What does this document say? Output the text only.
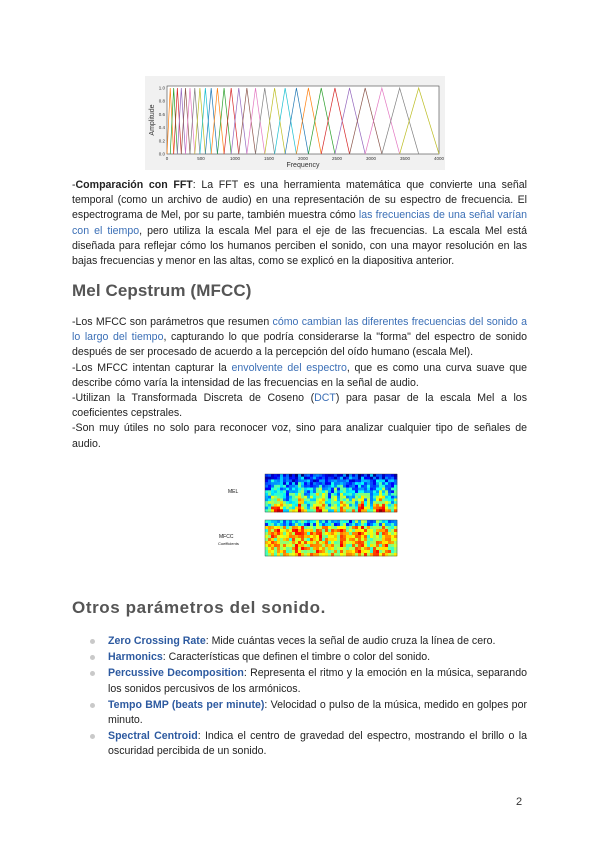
0	500	1000	1500	2000	2500	3000	3500	4000
1.0
0.8
0.6
0.4
0.2
0.0
Frequency
Amplitude

-Comparación con FFT: La FFT es una herramienta matemática que convierte una señal temporal (como un archivo de audio) en una representación de su espectro de frecuencia. El espectrograma de Mel, por su parte, también muestra cómo las frecuencias de una señal varían con el tiempo, pero utiliza la escala Mel para el eje de las frecuencias. La escala Mel está diseñada para reflejar cómo los humanos perciben el sonido, con una mayor resolución en las bajas frecuencias y menor en las altas, como se explicó en la diapositiva anterior.

Mel Cepstrum (MFCC)

-Los MFCC son parámetros que resumen cómo cambian las diferentes frecuencias del sonido a lo largo del tiempo, capturando lo que podría considerarse la "forma" del espectro de sonido después de ser procesado de acuerdo a la percepción del oído humano (escala Mel).
-Los MFCC intentan capturar la envolvente del espectro, que es como una curva suave que describe cómo varía la intensidad de las frecuencias en la señal de audio.
-Utilizan la Transformada Discreta de Coseno (DCT) para pasar de la escala Mel a los coeficientes cepstrales.
-Son muy útiles no solo para reconocer voz, sino para analizar cualquier tipo de señales de audio.

MEL
MFCC
Coefficients
Otros parámetros del sonido.
Zero Crossing Rate: Mide cuántas veces la señal de audio cruza la línea de cero.
Harmonics: Características que definen el timbre o color del sonido.
Percussive Decomposition: Representa el ritmo y la emoción en la música, separando los sonidos percusivos de los armónicos.
Tempo BMP (beats per minute): Velocidad o pulso de la música, medido en golpes por minuto.
Spectral Centroid: Indica el centro de gravedad del espectro, mostrando el brillo o la oscuridad percibida de un sonido.
2
